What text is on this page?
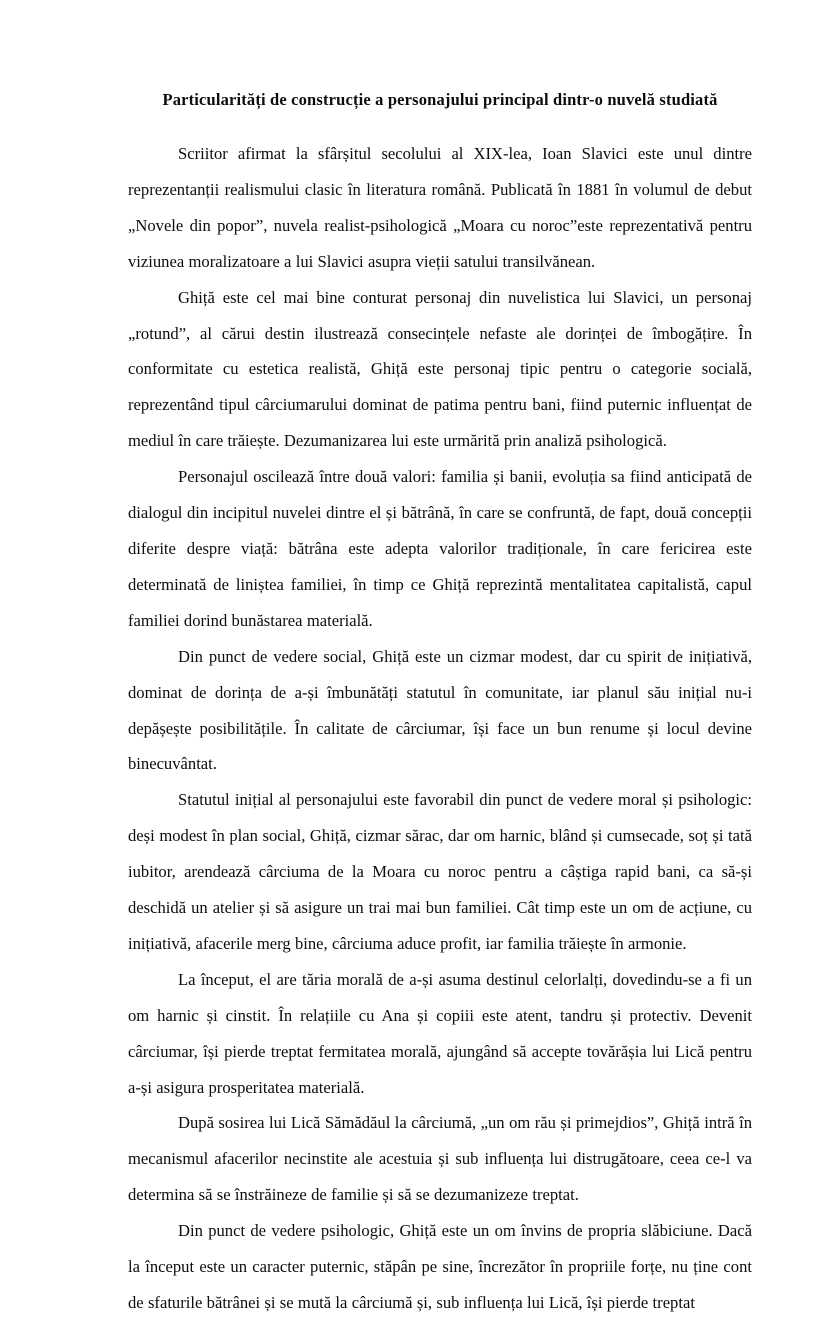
Particularități de construcție a personajului principal dintr-o nuvelă studiată

Scriitor afirmat la sfârșitul secolului al XIX-lea, Ioan Slavici este unul dintre reprezentanții realismului clasic în literatura română. Publicată în 1881 în volumul de debut „Novele din popor”, nuvela realist-psihologică „Moara cu noroc”este reprezentativă pentru viziunea moralizatoare a lui Slavici asupra vieții satului transilvănean.

Ghiță este cel mai bine conturat personaj din nuvelistica lui Slavici, un personaj „rotund”, al cărui destin ilustrează consecințele nefaste ale dorinței de îmbogățire. În conformitate cu estetica realistă, Ghiță este personaj tipic pentru o categorie socială, reprezentând tipul cârciumarului dominat de patima pentru bani, fiind puternic influențat de mediul în care trăiește. Dezumanizarea lui este urmărită prin analiză psihologică.

Personajul oscilează între două valori: familia și banii, evoluția sa fiind anticipată de dialogul din incipitul nuvelei dintre el și bătrână, în care se confruntă, de fapt, două concepții diferite despre viață: bătrâna este adepta valorilor tradiționale, în care fericirea este determinată de liniștea familiei, în timp ce Ghiță reprezintă mentalitatea capitalistă, capul familiei dorind bunăstarea materială.

Din punct de vedere social, Ghiță este un cizmar modest, dar cu spirit de inițiativă, dominat de dorința de a-și îmbunătăți statutul în comunitate, iar planul său inițial nu-i depășește posibilitățile. În calitate de cârciumar, își face un bun renume și locul devine binecuvântat.

Statutul inițial al personajului este favorabil din punct de vedere moral și psihologic: deși modest în plan social, Ghiță, cizmar sărac, dar om harnic, blând și cumsecade, soț și tată iubitor, arendează cârciuma de la Moara cu noroc pentru a câștiga rapid bani, ca să-și deschidă un atelier și să asigure un trai mai bun familiei. Cât timp este un om de acțiune, cu inițiativă, afacerile merg bine, cârciuma aduce profit, iar familia trăiește în armonie.

La început, el are tăria morală de a-și asuma destinul celorlalți, dovedindu-se a fi un om harnic și cinstit. În relațiile cu Ana și copiii este atent, tandru și protectiv. Devenit cârciumar, își pierde treptat fermitatea morală, ajungând să accepte tovărășia lui Lică pentru a-și asigura prosperitatea materială.

După sosirea lui Lică Sămădăul la cârciumă, „un om rău și primejdios”, Ghiță intră în mecanismul afacerilor necinstite ale acestuia și sub influența lui distrugătoare, ceea ce-l va determina să se înstrăineze de familie și să se dezumanizeze treptat.

Din punct de vedere psihologic, Ghiță este un om învins de propria slăbiciune. Dacă la început este un caracter puternic, stăpân pe sine, încrezător în propriile forțe, nu ține cont de sfaturile bătrânei și se mută la cârciumă și, sub influența lui Lică, își pierde treptat
